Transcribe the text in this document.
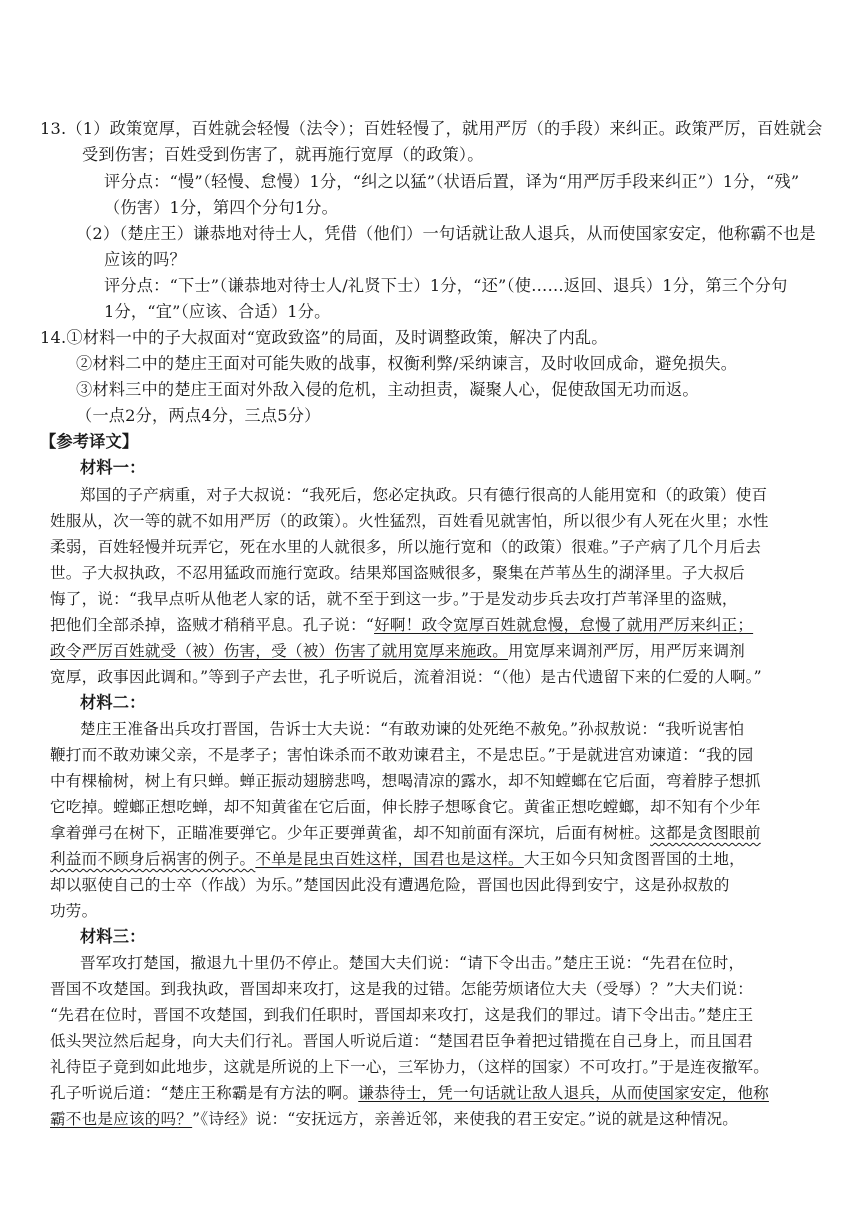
13.（1）政策宽厚，百姓就会轻慢（法令）；百姓轻慢了，就用严厉（的手段）来纠正。政策严厉，百姓就会
受到伤害；百姓受到伤害了，就再施行宽厚（的政策）。
评分点：“慢”（轻慢、怠慢）1分，“纠之以猛”（状语后置，译为“用严厉手段来纠正”）1分，“残”
（伤害）1分，第四个分句1分。
（2）（楚庄王）谦恭地对待士人，凭借（他们）一句话就让敌人退兵，从而使国家安定，他称霸不也是
应该的吗？
评分点：“下士”（谦恭地对待士人/礼贤下士）1分，“还”（使……返回、退兵）1分，第三个分句
1分，“宜”（应该、合适）1分。
14.①材料一中的子大叔面对“宽政致盗”的局面，及时调整政策，解决了内乱。
②材料二中的楚庄王面对可能失败的战事，权衡利弊/采纳谏言，及时收回成命，避免损失。
③材料三中的楚庄王面对外敌入侵的危机，主动担责，凝聚人心，促使敌国无功而返。
（一点2分，两点4分，三点5分）
【参考译文】
材料一：
郑国的子产病重，对子大叔说：“我死后，您必定执政。只有德行很高的人能用宽和（的政策）使百
姓服从，次一等的就不如用严厉（的政策）。火性猛烈，百姓看见就害怕，所以很少有人死在火里；水性
柔弱，百姓轻慢并玩弄它，死在水里的人就很多，所以施行宽和（的政策）很难。”子产病了几个月后去
世。子大叔执政，不忍用猛政而施行宽政。结果郑国盗贼很多，聚集在芦苇丛生的湖泽里。子大叔后
悔了，说：“我早点听从他老人家的话，就不至于到这一步。”于是发动步兵去攻打芦苇泽里的盗贼，
把他们全部杀掉，盗贼才稍稍平息。孔子说：“好啊！政令宽厚百姓就怠慢，怠慢了就用严厉来纠正；
政令严厉百姓就受（被）伤害，受（被）伤害了就用宽厚来施政。用宽厚来调剂严厉，用严厉来调剂
宽厚，政事因此调和。”等到子产去世，孔子听说后，流着泪说：“（他）是古代遗留下来的仁爱的人啊。”
材料二：
楚庄王准备出兵攻打晋国，告诉士大夫说：“有敢劝谏的处死绝不赦免。”孙叔敖说：“我听说害怕
鞭打而不敢劝谏父亲，不是孝子；害怕诛杀而不敢劝谏君主，不是忠臣。”于是就进宫劝谏道：“我的园
中有棵榆树，树上有只蝉。蝉正振动翅膀悲鸣，想喝清凉的露水，却不知螳螂在它后面，弯着脖子想抓
它吃掉。螳螂正想吃蝉，却不知黄雀在它后面，伸长脖子想啄食它。黄雀正想吃螳螂，却不知有个少年
拿着弹弓在树下，正瞄准要弹它。少年正要弹黄雀，却不知前面有深坑，后面有树桩。这都是贪图眼前
利益而不顾身后祸害的例子。不单是昆虫百姓这样，国君也是这样。大王如今只知贪图晋国的土地，
却以驱使自己的士卒（作战）为乐。”楚国因此没有遭遇危险，晋国也因此得到安宁，这是孙叔敖的
功劳。
材料三：
晋军攻打楚国，撤退九十里仍不停止。楚国大夫们说：“请下令出击。”楚庄王说：“先君在位时，
晋国不攻楚国。到我执政，晋国却来攻打，这是我的过错。怎能劳烦诸位大夫（受辱）？”大夫们说：
“先君在位时，晋国不攻楚国，到我们任职时，晋国却来攻打，这是我们的罪过。请下令出击。”楚庄王
低头哭泣然后起身，向大夫们行礼。晋国人听说后道：“楚国君臣争着把过错揽在自己身上，而且国君
礼待臣子竟到如此地步，这就是所说的上下一心，三军协力，（这样的国家）不可攻打。”于是连夜撤军。
孔子听说后道：“楚庄王称霸是有方法的啊。谦恭待士，凭一句话就让敌人退兵，从而使国家安定，他称
霸不也是应该的吗？”《诗经》说：“安抚远方，亲善近邻，来使我的君王安定。”说的就是这种情况。
